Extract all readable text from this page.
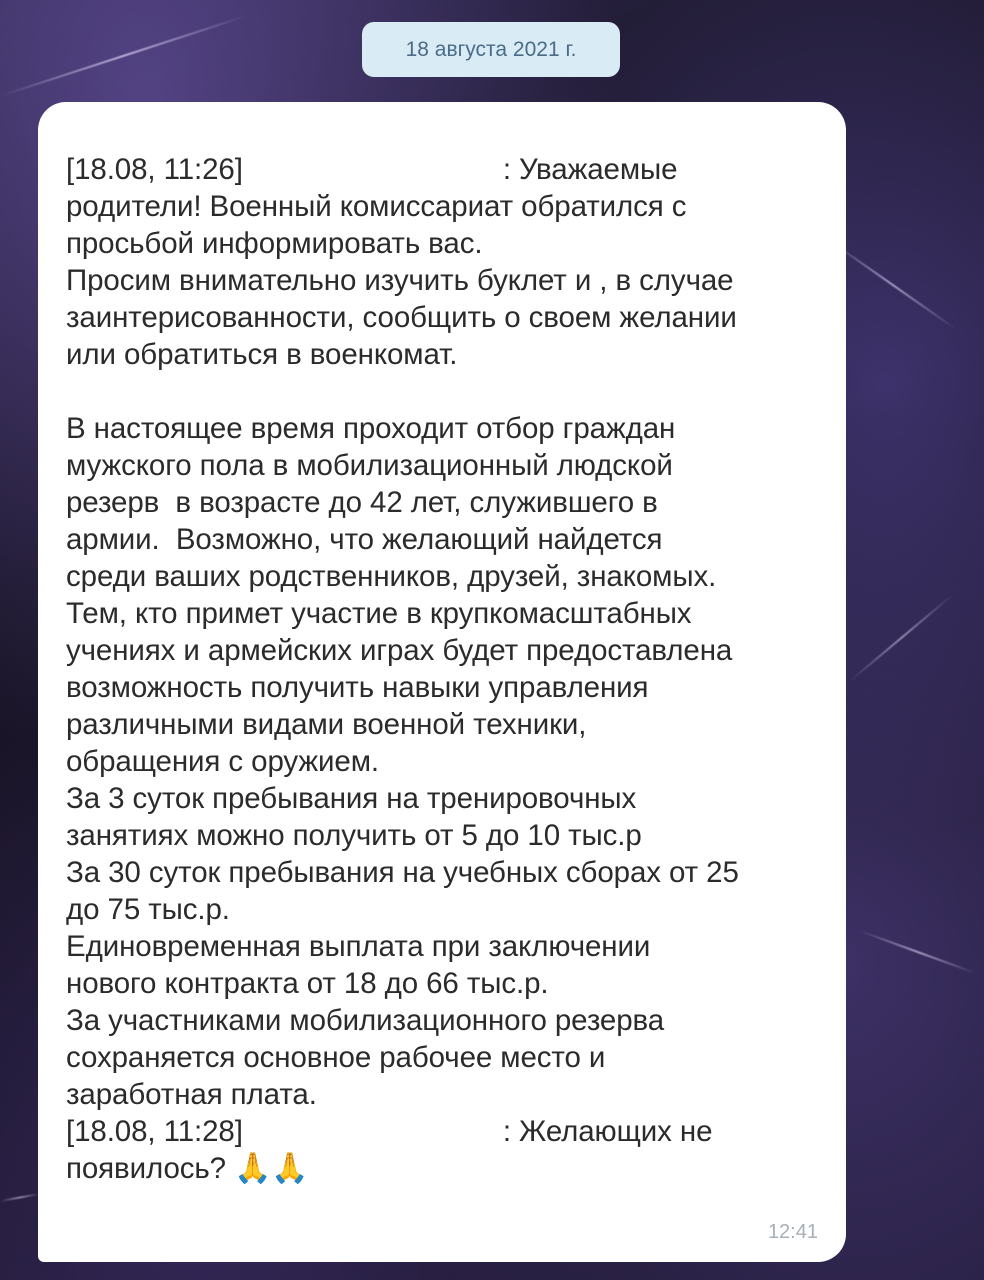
18 августа 2021 г.
[18.08, 11:26]	: Уважаемые
родители! Военный комиссариат обратился с
просьбой информировать вас.
Просим внимательно изучить буклет и , в случае
заинтерисованности, сообщить о своем желании
или обратиться в военкомат.
В настоящее время проходит отбор граждан
мужского пола в мобилизационный людской
резерв  в возрасте до 42 лет, служившего в
армии.  Возможно, что желающий найдется
среди ваших родственников, друзей, знакомых.
Тем, кто примет участие в крупкомасштабных
учениях и армейских играх будет предоставлена
возможность получить навыки управления
различными видами военной техники,
обращения с оружием.
За 3 суток пребывания на тренировочных
занятиях можно получить от 5 до 10 тыс.р
За 30 суток пребывания на учебных сборах от 25
до 75 тыс.р.
Единовременная выплата при заключении
нового контракта от 18 до 66 тыс.р.
За участниками мобилизационного резерва
сохраняется основное рабочее место и
заработная плата.
[18.08, 11:28]	: Желающих не
появилось? 🙏🙏
12:41
